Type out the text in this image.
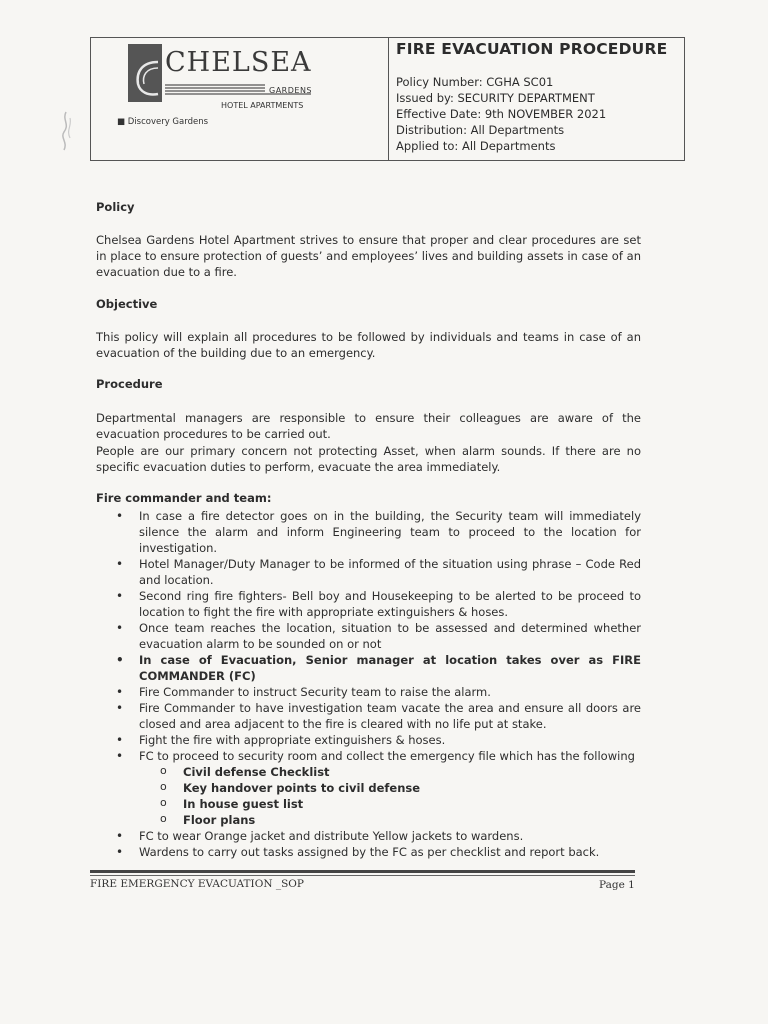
CHELSEA
GARDENS
HOTEL APARTMENTS
■ Discovery Gardens
FIRE EVACUATION PROCEDURE
Policy Number: CGHA SC01
Issued by: SECURITY DEPARTMENT
Effective Date: 9th NOVEMBER 2021
Distribution: All Departments
Applied to: All Departments
Policy
Chelsea Gardens Hotel Apartment strives to ensure that proper and clear procedures are set in place to ensure protection of guests’ and employees’ lives and building assets in case of an evacuation due to a fire.
Objective
This policy will explain all procedures to be followed by individuals and teams in case of an evacuation of the building due to an emergency.
Procedure
Departmental managers are responsible to ensure their colleagues are aware of the evacuation procedures to be carried out.
People are our primary concern not protecting Asset, when alarm sounds. If there are no specific evacuation duties to perform, evacuate the area immediately.
Fire commander and team:
• In case a fire detector goes on in the building, the Security team will immediately silence the alarm and inform Engineering team to proceed to the location for investigation.
• Hotel Manager/Duty Manager to be informed of the situation using phrase – Code Red and location.
• Second ring fire fighters- Bell boy and Housekeeping to be alerted to be proceed to location to fight the fire with appropriate extinguishers & hoses.
• Once team reaches the location, situation to be assessed and determined whether evacuation alarm to be sounded on or not
• In case of Evacuation, Senior manager at location takes over as FIRE COMMANDER (FC)
• Fire Commander to instruct Security team to raise the alarm.
• Fire Commander to have investigation team vacate the area and ensure all doors are closed and area adjacent to the fire is cleared with no life put at stake.
• Fight the fire with appropriate extinguishers & hoses.
• FC to proceed to security room and collect the emergency file which has the following
o Civil defense Checklist
o Key handover points to civil defense
o In house guest list
o Floor plans
• FC to wear Orange jacket and distribute Yellow jackets to wardens.
• Wardens to carry out tasks assigned by the FC as per checklist and report back.
FIRE EMERGENCY EVACUATION _SOP	Page 1
